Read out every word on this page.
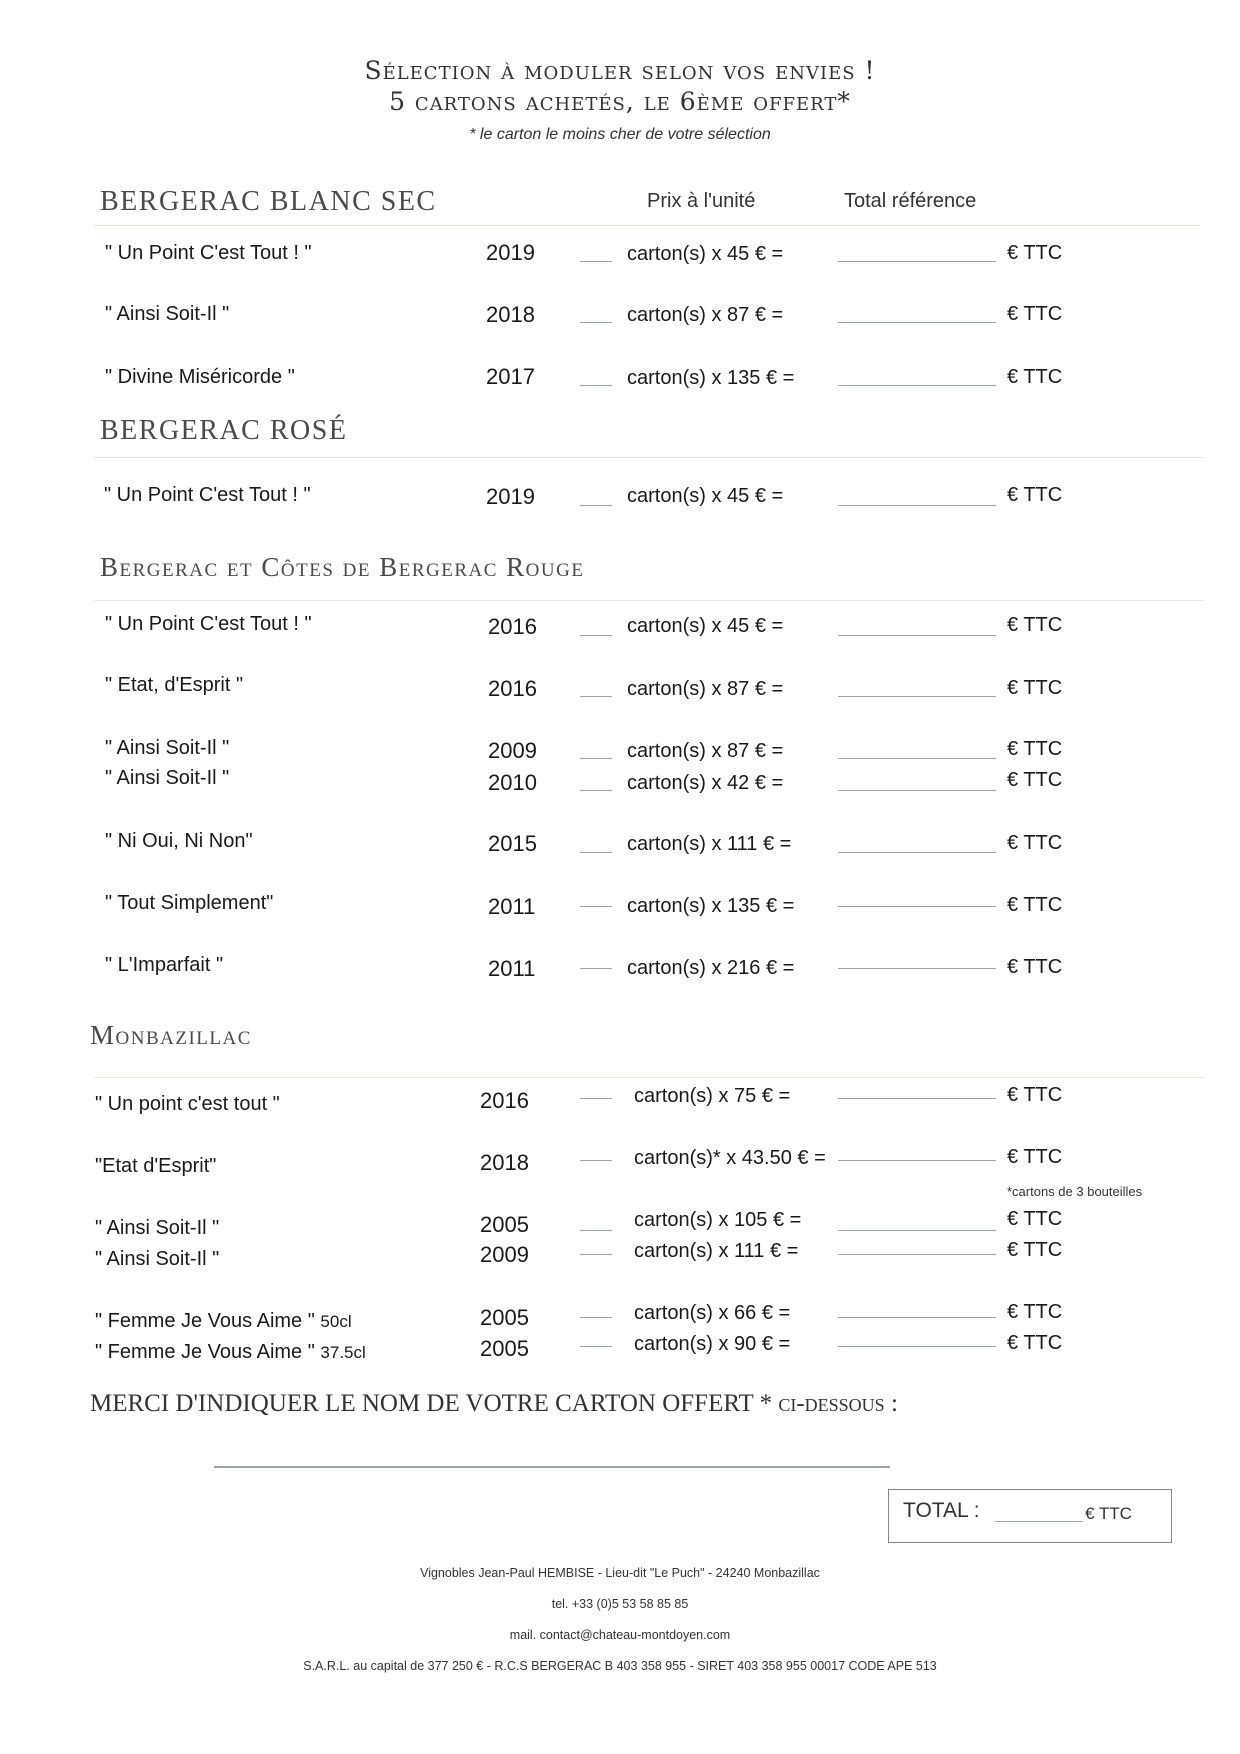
Sélection à moduler selon vos envies !
5 cartons achetés, le 6ème offert*
* le carton le moins cher de votre sélection
BERGERAC BLANC SEC	Prix à l'unité	Total référence
" Un Point C'est Tout ! "	2019	carton(s) x 45 € =	€ TTC
" Ainsi Soit-Il "	2018	carton(s) x 87 € =	€ TTC
" Divine Miséricorde "	2017	carton(s) x 135 € =	€ TTC
BERGERAC ROSÉ
" Un Point C'est Tout ! "	2019	carton(s) x 45 € =	€ TTC
Bergerac et Côtes de Bergerac Rouge
" Un Point C'est Tout ! "	2016	carton(s) x 45 € =	€ TTC
" Etat, d'Esprit "	2016	carton(s) x 87 € =	€ TTC
" Ainsi Soit-Il "	2009	carton(s) x 87 € =	€ TTC
" Ainsi Soit-Il "	2010	carton(s) x 42 € =	€ TTC
" Ni Oui, Ni Non"	2015	carton(s) x 111 € =	€ TTC
" Tout Simplement"	2011	carton(s) x 135 € =	€ TTC
" L'Imparfait "	2011	carton(s) x 216 € =	€ TTC
Monbazillac
" Un point c'est tout "	2016	carton(s) x 75 € =	€ TTC
"Etat d'Esprit"	2018	carton(s)* x 43.50 € =	€ TTC
*cartons de 3 bouteilles
" Ainsi Soit-Il "	2005	carton(s) x 105 € =	€ TTC
" Ainsi Soit-Il "	2009	carton(s) x 111 € =	€ TTC
" Femme Je Vous Aime " 50cl	2005	carton(s) x 66 € =	€ TTC
" Femme Je Vous Aime " 37.5cl	2005	carton(s) x 90 € =	€ TTC
MERCI D'INDIQUER LE NOM DE VOTRE CARTON OFFERT * ci-dessous :
TOTAL :	€ TTC
Vignobles Jean-Paul HEMBISE - Lieu-dit "Le Puch" - 24240 Monbazillac
tel. +33 (0)5 53 58 85 85
mail. contact@chateau-montdoyen.com
S.A.R.L. au capital de 377 250 € - R.C.S BERGERAC B 403 358 955 - SIRET 403 358 955 00017 CODE APE 513
